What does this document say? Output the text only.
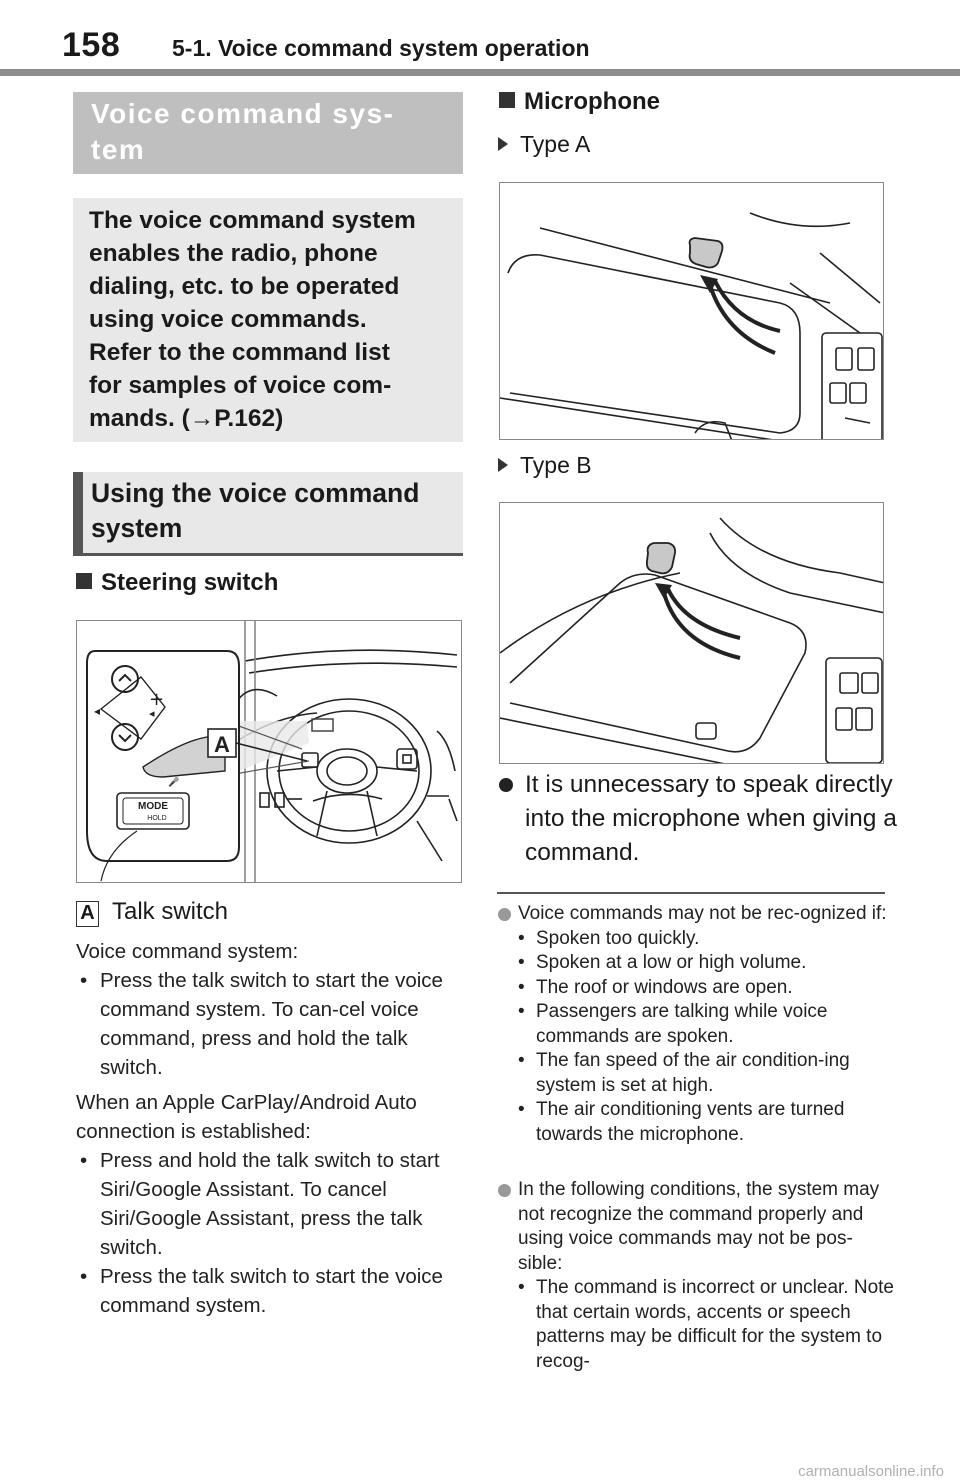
158 5-1. Voice command system operation
Voice command sys-
tem
The voice command system
enables the radio, phone
dialing, etc. to be operated
using voice commands.
Refer to the command list
for samples of voice com-
mands. (→P.162)
Using the voice command
system
Steering switch
◂
+
◂
🎤
MODE
HOLD
A
A Talk switch
Voice command system:
• Press the talk switch to start the voice command system. To can-cel voice command, press and hold the talk switch.
When an Apple CarPlay/Android Auto connection is established:
• Press and hold the talk switch to start Siri/Google Assistant. To cancel Siri/Google Assistant, press the talk switch.
• Press the talk switch to start the voice command system.
Microphone
Type A
Type B

It is unnecessary to speak directly into the microphone when giving a command.

Voice commands may not be rec-ognized if:
• Spoken too quickly.
• Spoken at a low or high volume.
• The roof or windows are open.
• Passengers are talking while voice commands are spoken.
• The fan speed of the air condition-ing system is set at high.
• The air conditioning vents are turned towards the microphone.
In the following conditions, the system may not recognize the command properly and using voice commands may not be pos-sible:
• The command is incorrect or unclear. Note that certain words, accents or speech patterns may be difficult for the system to recog-
carmanualsonline.info
